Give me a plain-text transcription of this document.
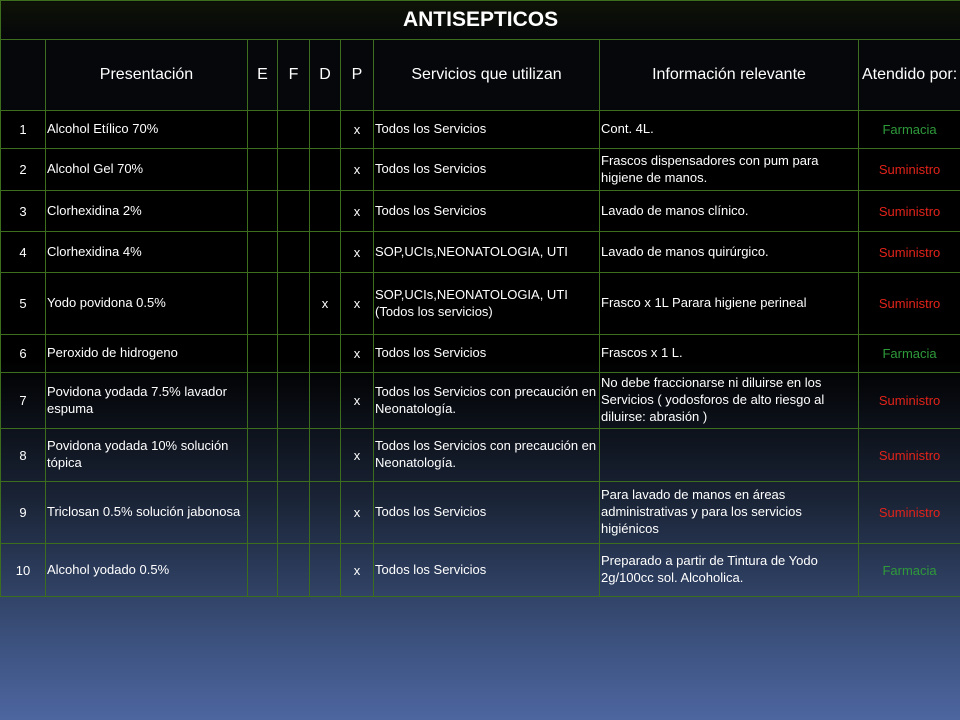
ANTISEPTICOS								
	Presentación	E	F	D	P	Servicios que utilizan	Información relevante	Atendido por:
1	Alcohol Etílico 70%				x	Todos los Servicios	Cont. 4L.	Farmacia
2	Alcohol Gel 70%				x	Todos los Servicios	Frascos dispensadores con pum para higiene de manos.	Suministro
3	Clorhexidina 2%				x	Todos los Servicios	Lavado de manos clínico.	Suministro
4	Clorhexidina 4%				x	SOP,UCIs,NEONATOLOGIA, UTI	Lavado de manos quirúrgico.	Suministro
5	Yodo povidona 0.5%			x	x	SOP,UCIs,NEONATOLOGIA, UTI (Todos los servicios)	Frasco x 1L Parara higiene perineal	Suministro
6	Peroxido de hidrogeno				x	Todos los Servicios	Frascos x 1 L.	Farmacia
7	Povidona yodada 7.5% lavador espuma				x	Todos los Servicios con precaución en Neonatología.	No debe fraccionarse ni diluirse en los Servicios ( yodosforos de alto riesgo al diluirse: abrasión )	Suministro
8	Povidona yodada 10% solución tópica				x	Todos los Servicios con precaución en Neonatología.		Suministro
9	Triclosan 0.5% solución jabonosa				x	Todos los Servicios	Para lavado de manos en áreas administrativas y para los servicios higiénicos	Suministro
10	Alcohol yodado 0.5%				x	Todos los Servicios	Preparado a partir de Tintura de Yodo 2g/100cc sol. Alcoholica.	Farmacia
